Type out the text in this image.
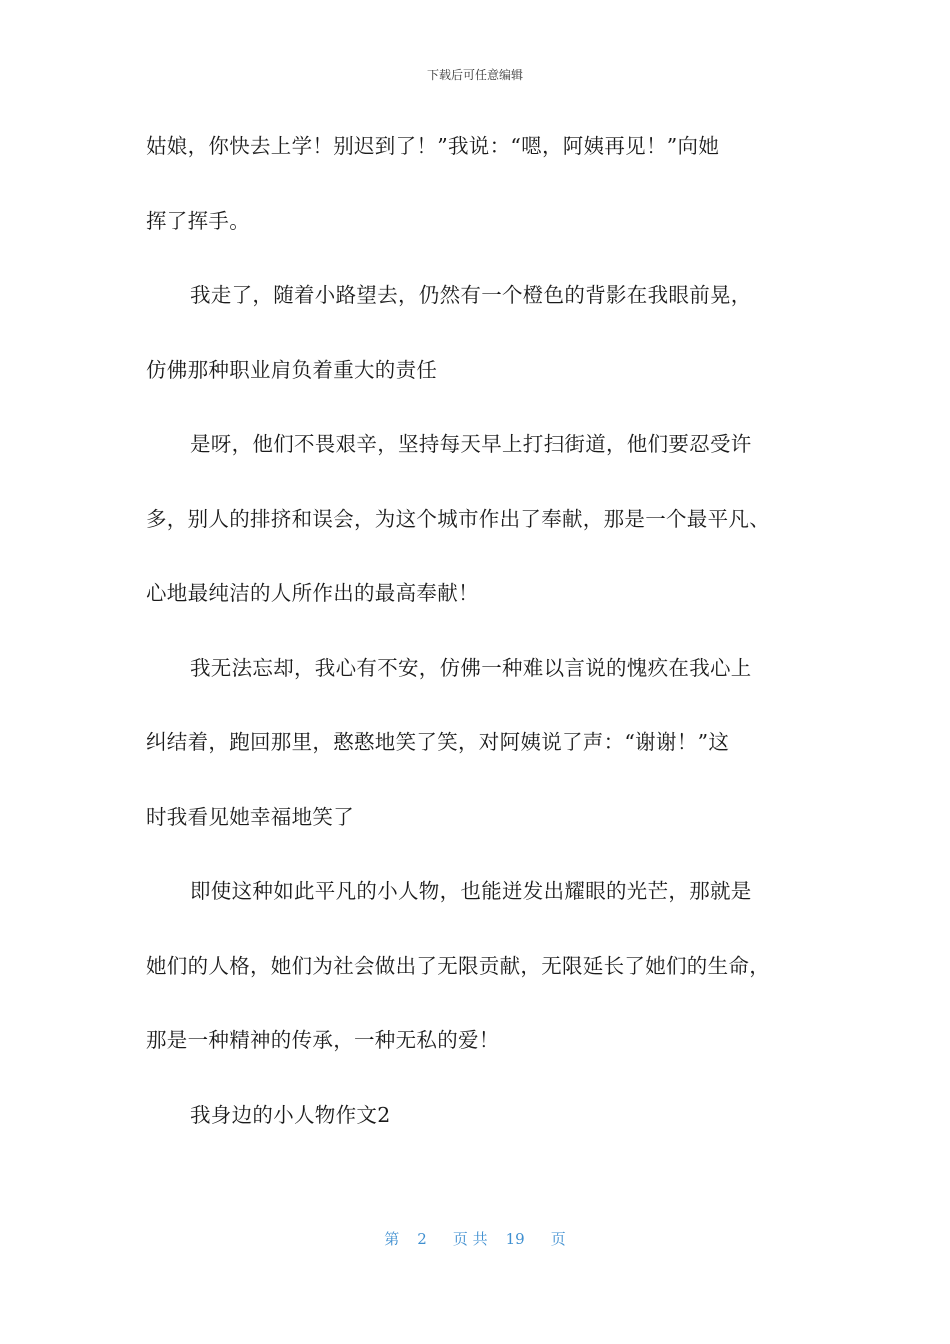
下载后可任意编辑
姑娘，你快去上学！别迟到了！”我说：“嗯，阿姨再见！”向她
挥了挥手。
我走了，随着小路望去，仍然有一个橙色的背影在我眼前晃，
仿佛那种职业肩负着重大的责任
是呀，他们不畏艰辛，坚持每天早上打扫街道，他们要忍受许
多，别人的排挤和误会，为这个城市作出了奉献，那是一个最平凡、
心地最纯洁的人所作出的最高奉献！
我无法忘却，我心有不安，仿佛一种难以言说的愧疚在我心上
纠结着，跑回那里，憨憨地笑了笑，对阿姨说了声：“谢谢！”这
时我看见她幸福地笑了
即使这种如此平凡的小人物，也能迸发出耀眼的光芒，那就是
她们的人格，她们为社会做出了无限贡献，无限延长了她们的生命，
那是一种精神的传承，一种无私的爱！
我身边的小人物作文2
第 2 页 共 19 页
